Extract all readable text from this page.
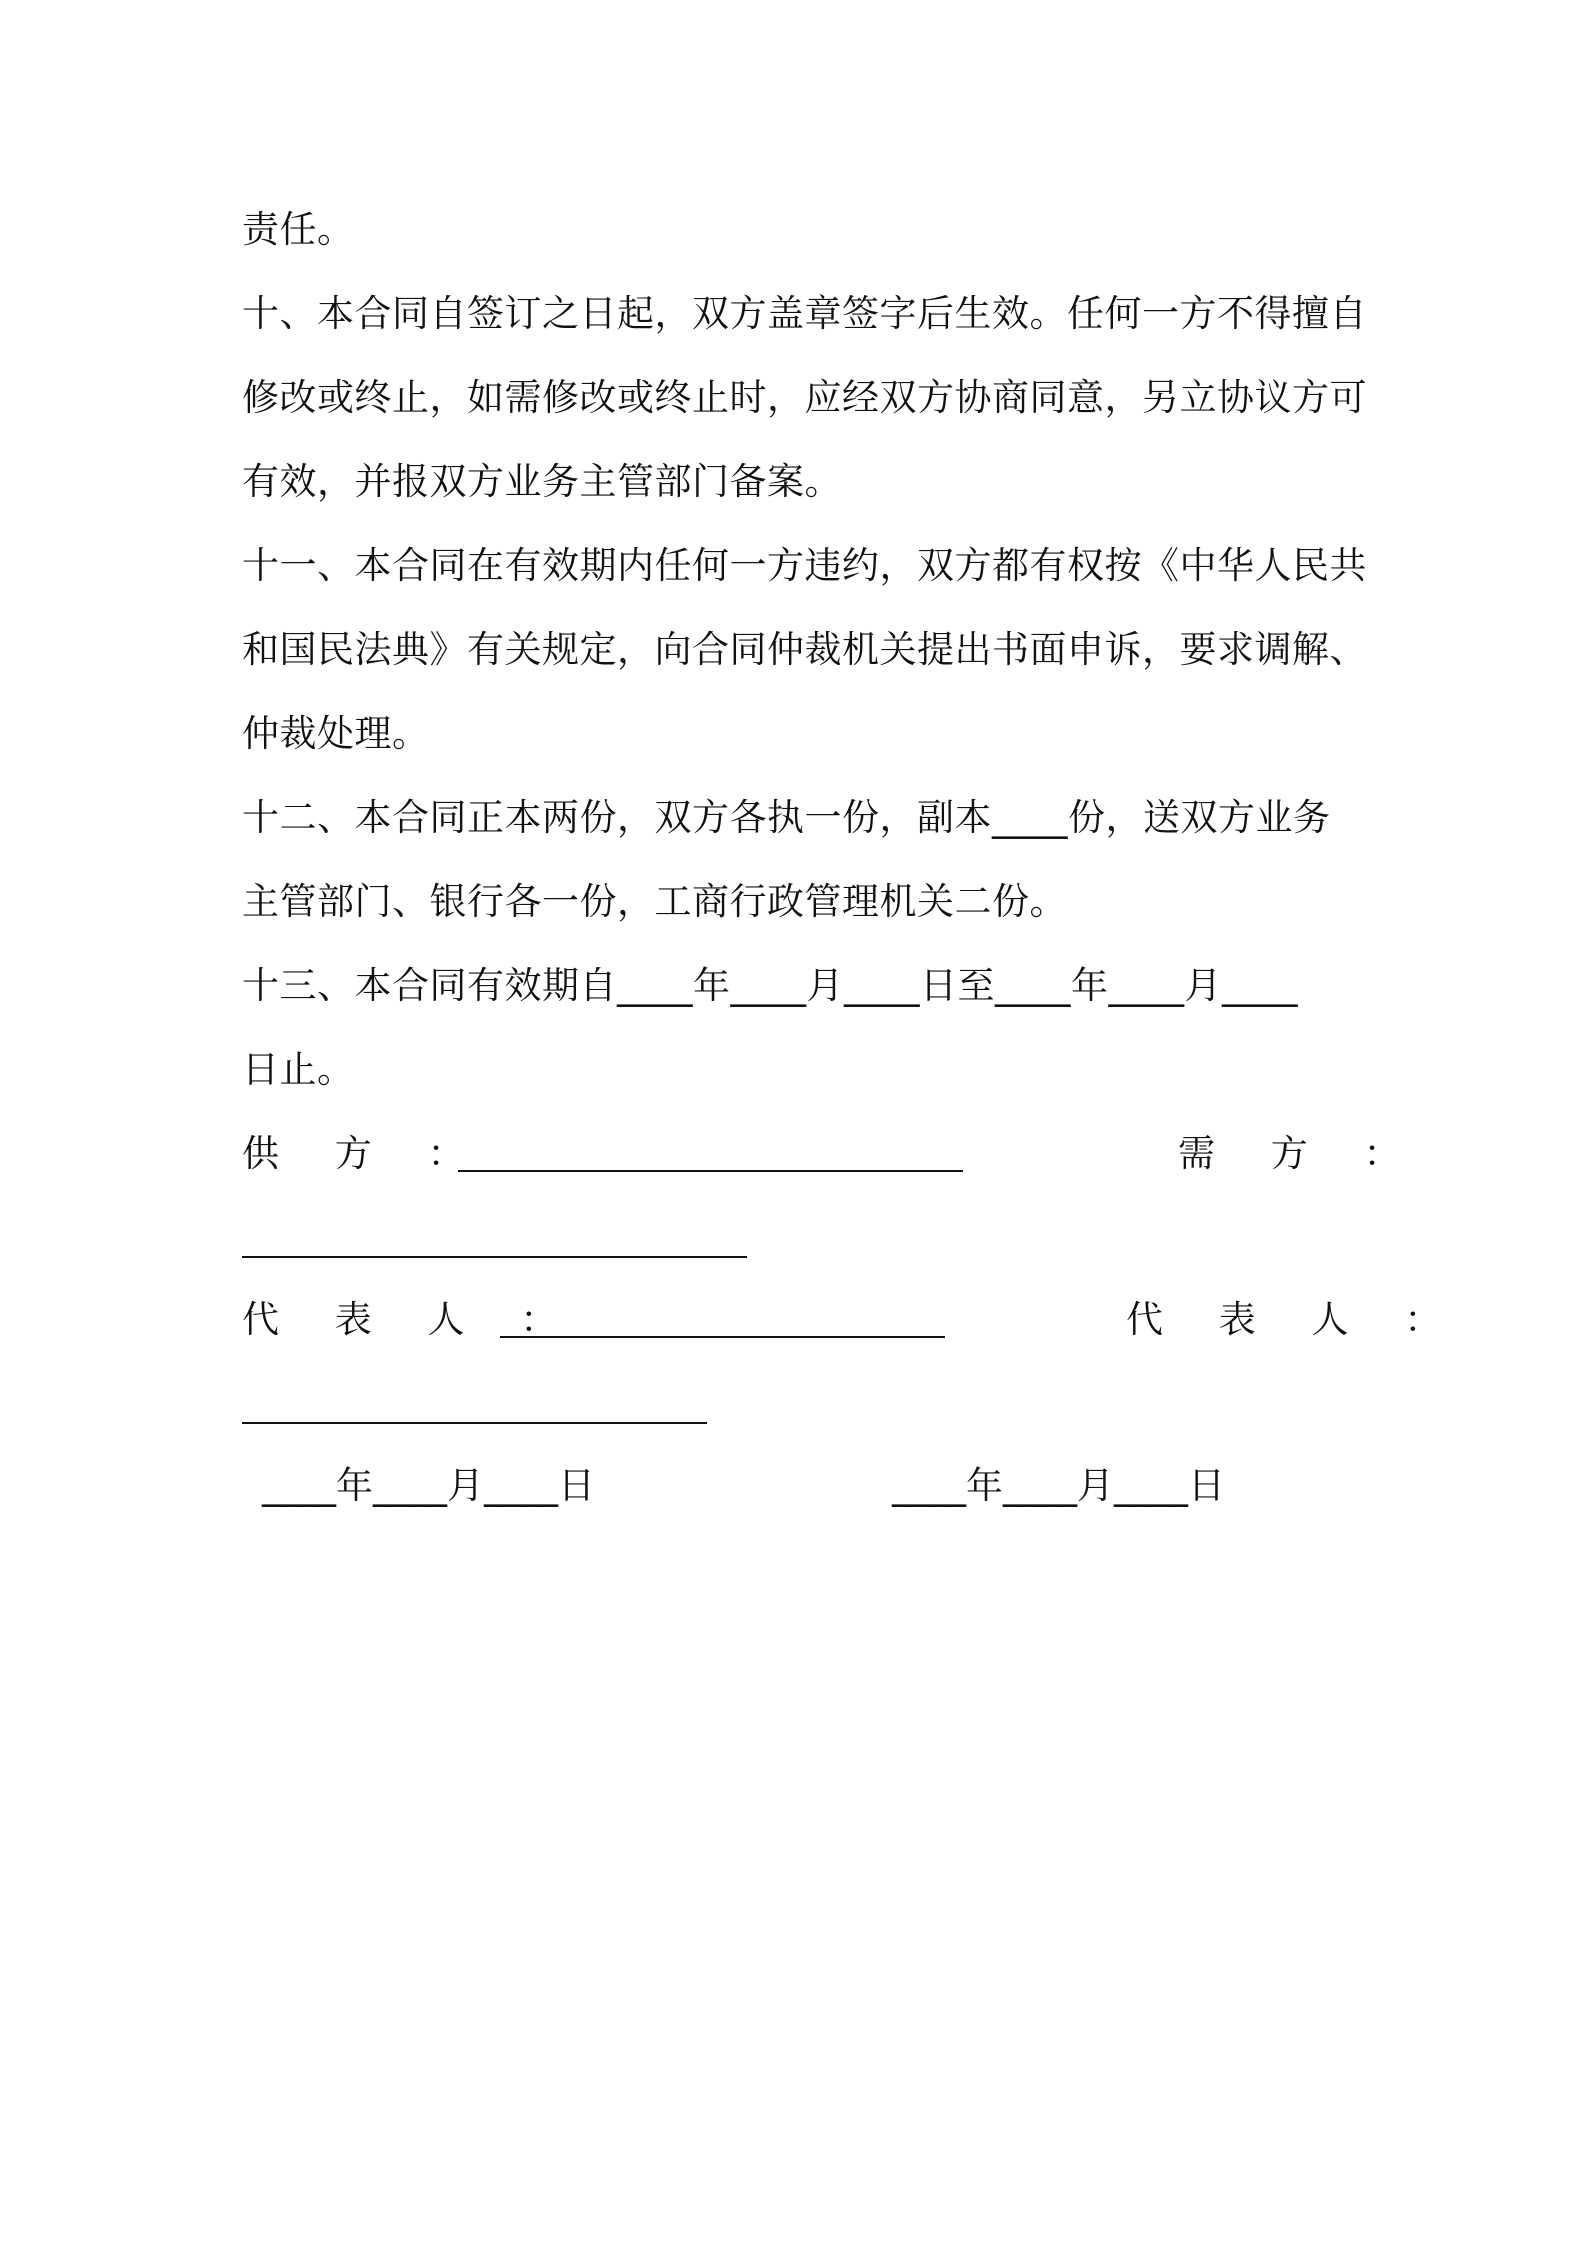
责任。
十、本合同自签订之日起，双方盖章签字后生效。任何一方不得擅自
修改或终止，如需修改或终止时，应经双方协商同意，另立协议方可
有效，并报双方业务主管部门备案。
十一、本合同在有效期内任何一方违约，双方都有权按《中华人民共
和国民法典》有关规定，向合同仲裁机关提出书面申诉，要求调解、
仲裁处理。
十二、本合同正本两份，双方各执一份，副本____份，送双方业务
主管部门、银行各一份，工商行政管理机关二份。
十三、本合同有效期自____年____月____日至____年____月____
日止。
供 方 ：	需 方 ：
代 表 人 ：	代 表 人 ：
____年____月____日	____年____月____日
